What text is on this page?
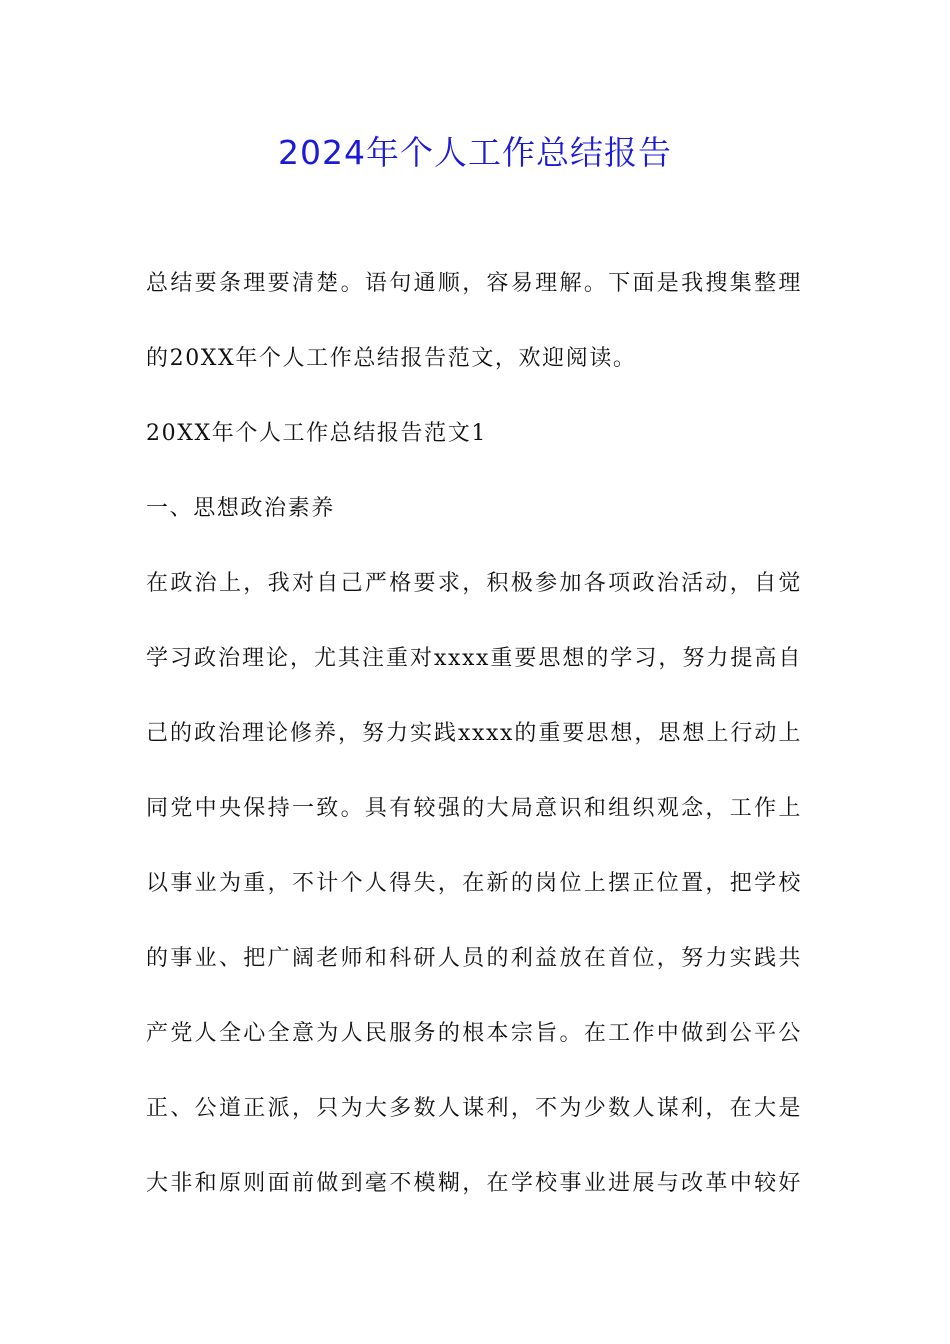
2024年个人工作总结报告

总结要条理要清楚。语句通顺，容易理解。下面是我搜集整理

的20XX年个人工作总结报告范文，欢迎阅读。

20XX年个人工作总结报告范文1

一、思想政治素养

在政治上，我对自己严格要求，积极参加各项政治活动，自觉

学习政治理论，尤其注重对xxxx重要思想的学习，努力提高自

己的政治理论修养，努力实践xxxx的重要思想，思想上行动上

同党中央保持一致。具有较强的大局意识和组织观念，工作上

以事业为重，不计个人得失，在新的岗位上摆正位置，把学校

的事业、把广阔老师和科研人员的利益放在首位，努力实践共

产党人全心全意为人民服务的根本宗旨。在工作中做到公平公

正、公道正派，只为大多数人谋利，不为少数人谋利，在大是

大非和原则面前做到毫不模糊，在学校事业进展与改革中较好
